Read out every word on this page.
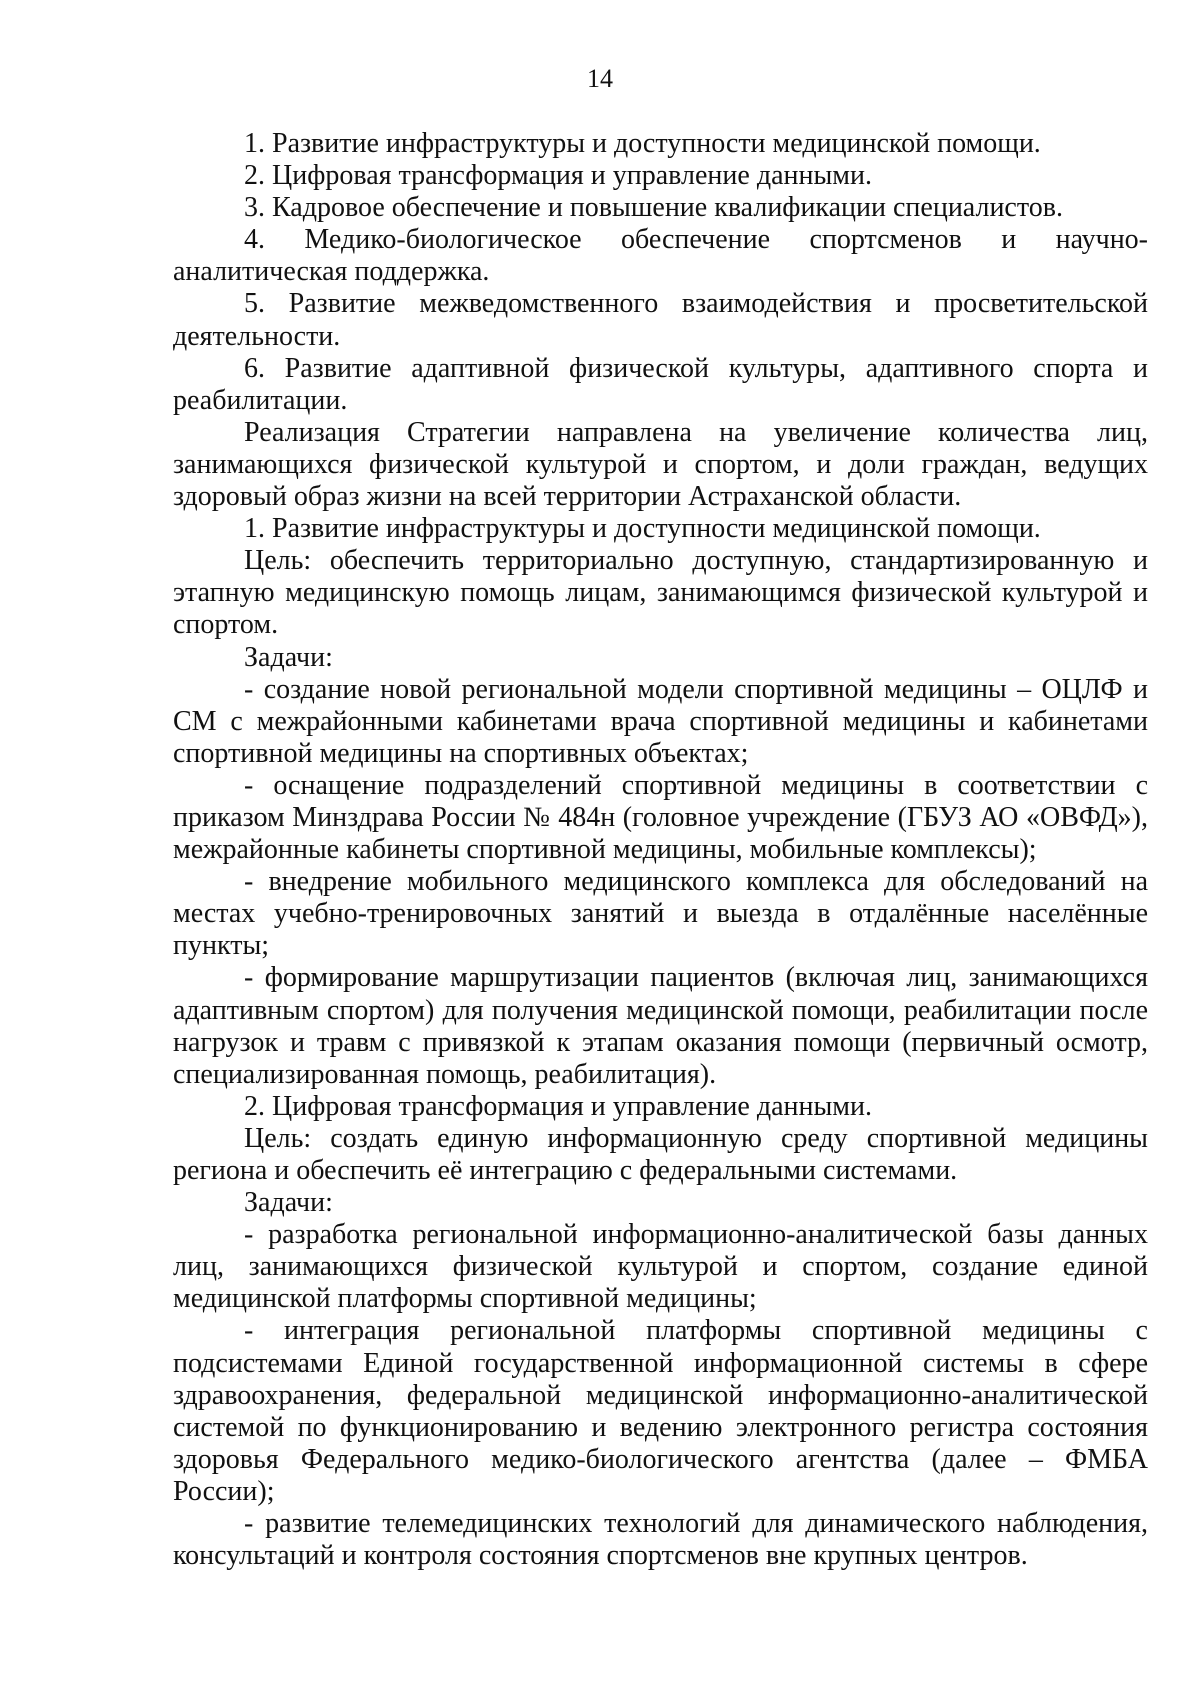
14

1. Развитие инфраструктуры и доступности медицинской помощи.

2. Цифровая трансформация и управление данными.

3. Кадровое обеспечение и повышение квалификации специалистов.

4. Медико-биологическое обеспечение спортсменов и научно-аналитическая поддержка.

5. Развитие межведомственного взаимодействия и просветительской деятельности.

6. Развитие адаптивной физической культуры, адаптивного спорта и реабилитации.

Реализация Стратегии направлена на увеличение количества лиц, занимающихся физической культурой и спортом, и доли граждан, ведущих здоровый образ жизни на всей территории Астраханской области.

1. Развитие инфраструктуры и доступности медицинской помощи.

Цель: обеспечить территориально доступную, стандартизированную и этапную медицинскую помощь лицам, занимающимся физической культурой и спортом.

Задачи:

- создание новой региональной модели спортивной медицины – ОЦЛФ и СМ с межрайонными кабинетами врача спортивной медицины и кабинетами спортивной медицины на спортивных объектах;

- оснащение подразделений спортивной медицины в соответствии с приказом Минздрава России № 484н (головное учреждение (ГБУЗ АО «ОВФД»), межрайонные кабинеты спортивной медицины, мобильные комплексы);

- внедрение мобильного медицинского комплекса для обследований на местах учебно-тренировочных занятий и выезда в отдалённые населённые пункты;

- формирование маршрутизации пациентов (включая лиц, занимающихся адаптивным спортом) для получения медицинской помощи, реабилитации после нагрузок и травм с привязкой к этапам оказания помощи (первичный осмотр, специализированная помощь, реабилитация).

2. Цифровая трансформация и управление данными.

Цель: создать единую информационную среду спортивной медицины региона и обеспечить её интеграцию с федеральными системами.

Задачи:

- разработка региональной информационно-аналитической базы данных лиц, занимающихся физической культурой и спортом, создание единой медицинской платформы спортивной медицины;

- интеграция региональной платформы спортивной медицины с подсистемами Единой государственной информационной системы в сфере здравоохранения, федеральной медицинской информационно-аналитической системой по функционированию и ведению электронного регистра состояния здоровья Федерального медико-биологического агентства (далее – ФМБА России);

- развитие телемедицинских технологий для динамического наблюдения, консультаций и контроля состояния спортсменов вне крупных центров.
